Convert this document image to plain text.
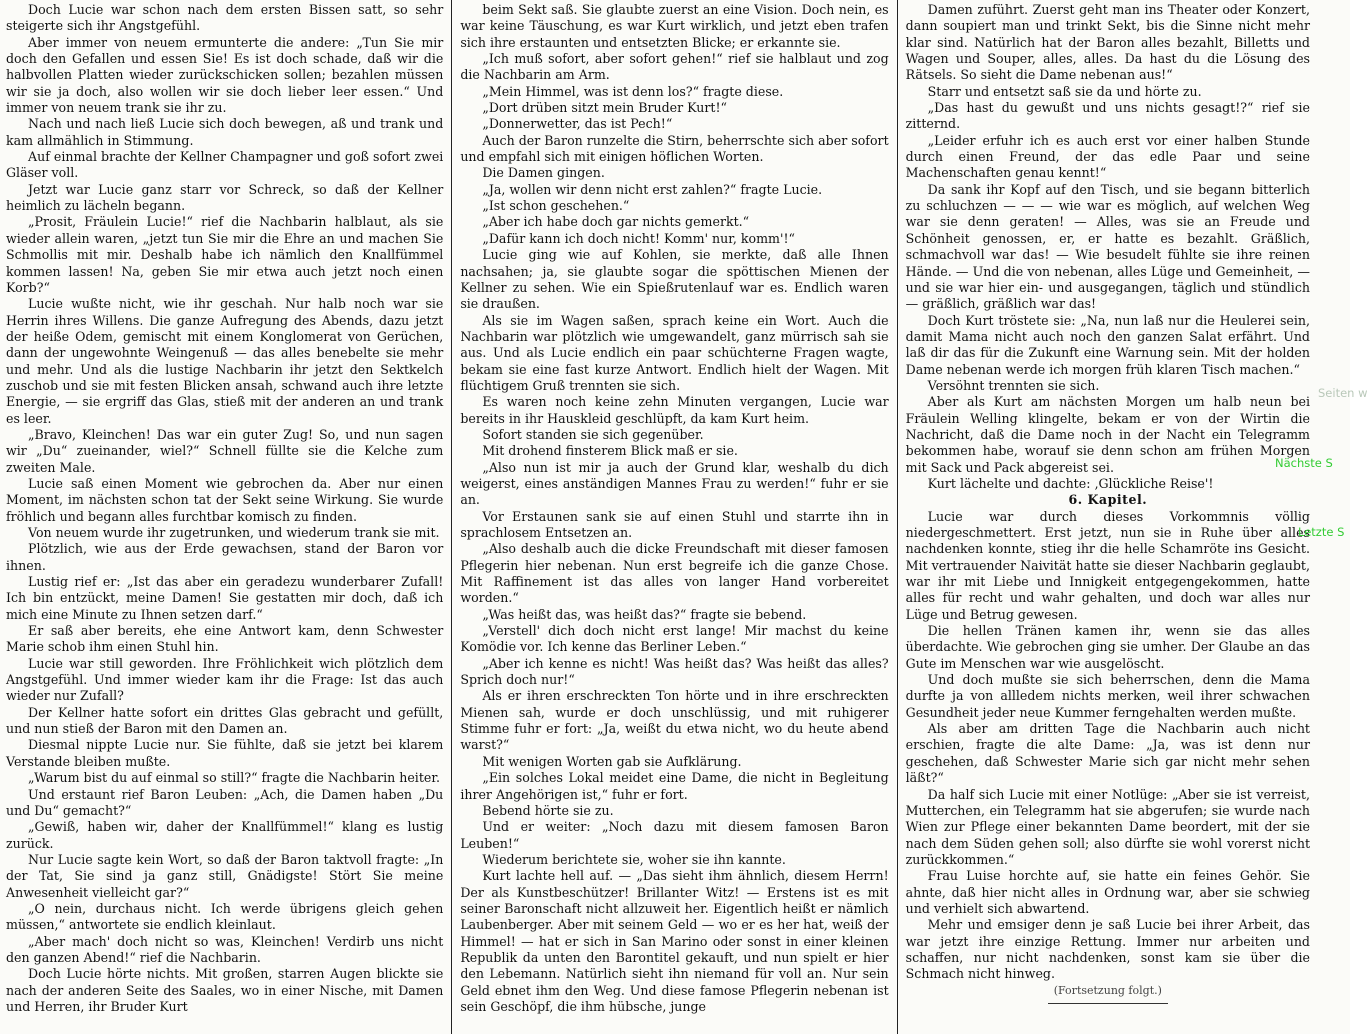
Doch Lucie war schon nach dem ersten Bissen satt, so sehr steigerte sich ihr Angstgefühl.

Aber immer von neuem ermunterte die andere: „Tun Sie mir doch den Gefallen und essen Sie! Es ist doch schade, daß wir die halbvollen Platten wieder zurückschicken sollen; bezahlen müssen wir sie ja doch, also wollen wir sie doch lieber leer essen.“ Und immer von neuem trank sie ihr zu.

Nach und nach ließ Lucie sich doch bewegen, aß und trank und kam allmählich in Stimmung.

Auf einmal brachte der Kellner Champagner und goß sofort zwei Gläser voll.

Jetzt war Lucie ganz starr vor Schreck, so daß der Kellner heimlich zu lächeln begann.

„Prosit, Fräulein Lucie!“ rief die Nachbarin halblaut, als sie wieder allein waren, „jetzt tun Sie mir die Ehre an und machen Sie Schmollis mit mir. Deshalb habe ich nämlich den Knallfümmel kommen lassen! Na, geben Sie mir etwa auch jetzt noch einen Korb?“

Lucie wußte nicht, wie ihr geschah. Nur halb noch war sie Herrin ihres Willens. Die ganze Aufregung des Abends, dazu jetzt der heiße Odem, gemischt mit einem Konglomerat von Gerüchen, dann der ungewohnte Weingenuß — das alles benebelte sie mehr und mehr. Und als die lustige Nachbarin ihr jetzt den Sektkelch zuschob und sie mit festen Blicken ansah, schwand auch ihre letzte Energie, — sie ergriff das Glas, stieß mit der anderen an und trank es leer.

„Bravo, Kleinchen! Das war ein guter Zug! So, und nun sagen wir „Du“ zueinander, wiel?“ Schnell füllte sie die Kelche zum zweiten Male.

Lucie saß einen Moment wie gebrochen da. Aber nur einen Moment, im nächsten schon tat der Sekt seine Wirkung. Sie wurde fröhlich und begann alles furchtbar komisch zu finden.

Von neuem wurde ihr zugetrunken, und wiederum trank sie mit.

Plötzlich, wie aus der Erde gewachsen, stand der Baron vor ihnen.

Lustig rief er: „Ist das aber ein geradezu wunderbarer Zufall! Ich bin entzückt, meine Damen! Sie gestatten mir doch, daß ich mich eine Minute zu Ihnen setzen darf.“

Er saß aber bereits, ehe eine Antwort kam, denn Schwester Marie schob ihm einen Stuhl hin.

Lucie war still geworden. Ihre Fröhlichkeit wich plötzlich dem Angstgefühl. Und immer wieder kam ihr die Frage: Ist das auch wieder nur Zufall?

Der Kellner hatte sofort ein drittes Glas gebracht und gefüllt, und nun stieß der Baron mit den Damen an.

Diesmal nippte Lucie nur. Sie fühlte, daß sie jetzt bei klarem Verstande bleiben mußte.

„Warum bist du auf einmal so still?“ fragte die Nachbarin heiter.

Und erstaunt rief Baron Leuben: „Ach, die Damen haben „Du und Du“ gemacht?“

„Gewiß, haben wir, daher der Knallfümmel!“ klang es lustig zurück.

Nur Lucie sagte kein Wort, so daß der Baron taktvoll fragte: „In der Tat, Sie sind ja ganz still, Gnädigste! Stört Sie meine Anwesenheit vielleicht gar?“

„O nein, durchaus nicht. Ich werde übrigens gleich gehen müssen,“ antwortete sie endlich kleinlaut.

„Aber mach' doch nicht so was, Kleinchen! Verdirb uns nicht den ganzen Abend!“ rief die Nachbarin.

Doch Lucie hörte nichts. Mit großen, starren Augen blickte sie nach der anderen Seite des Saales, wo in einer Nische, mit Damen und Herren, ihr Bruder Kurt

beim Sekt saß. Sie glaubte zuerst an eine Vision. Doch nein, es war keine Täuschung, es war Kurt wirklich, und jetzt eben trafen sich ihre erstaunten und entsetzten Blicke; er erkannte sie.

„Ich muß sofort, aber sofort gehen!“ rief sie halblaut und zog die Nachbarin am Arm.

„Mein Himmel, was ist denn los?“ fragte diese.

„Dort drüben sitzt mein Bruder Kurt!“

„Donnerwetter, das ist Pech!“

Auch der Baron runzelte die Stirn, beherrschte sich aber sofort und empfahl sich mit einigen höflichen Worten.

Die Damen gingen.

„Ja, wollen wir denn nicht erst zahlen?“ fragte Lucie.

„Ist schon geschehen.“

„Aber ich habe doch gar nichts gemerkt.“

„Dafür kann ich doch nicht! Komm' nur, komm'!“

Lucie ging wie auf Kohlen, sie merkte, daß alle Ihnen nachsahen; ja, sie glaubte sogar die spöttischen Mienen der Kellner zu sehen. Wie ein Spießrutenlauf war es. Endlich waren sie draußen.

Als sie im Wagen saßen, sprach keine ein Wort. Auch die Nachbarin war plötzlich wie umgewandelt, ganz mürrisch sah sie aus. Und als Lucie endlich ein paar schüchterne Fragen wagte, bekam sie eine fast kurze Antwort. Endlich hielt der Wagen. Mit flüchtigem Gruß trennten sie sich.

Es waren noch keine zehn Minuten vergangen, Lucie war bereits in ihr Hauskleid geschlüpft, da kam Kurt heim.

Sofort standen sie sich gegenüber.

Mit drohend finsterem Blick maß er sie.

„Also nun ist mir ja auch der Grund klar, weshalb du dich weigerst, eines anständigen Mannes Frau zu werden!“ fuhr er sie an.

Vor Erstaunen sank sie auf einen Stuhl und starrte ihn in sprachlosem Entsetzen an.

„Also deshalb auch die dicke Freundschaft mit dieser famosen Pflegerin hier nebenan. Nun erst begreife ich die ganze Chose. Mit Raffinement ist das alles von langer Hand vorbereitet worden.“

„Was heißt das, was heißt das?“ fragte sie bebend.

„Verstell' dich doch nicht erst lange! Mir machst du keine Komödie vor. Ich kenne das Berliner Leben.“

„Aber ich kenne es nicht! Was heißt das? Was heißt das alles? Sprich doch nur!“

Als er ihren erschreckten Ton hörte und in ihre erschreckten Mienen sah, wurde er doch unschlüssig, und mit ruhigerer Stimme fuhr er fort: „Ja, weißt du etwa nicht, wo du heute abend warst?“

Mit wenigen Worten gab sie Aufklärung.

„Ein solches Lokal meidet eine Dame, die nicht in Begleitung ihrer Angehörigen ist,“ fuhr er fort.

Bebend hörte sie zu.

Und er weiter: „Noch dazu mit diesem famosen Baron Leuben!“

Wiederum berichtete sie, woher sie ihn kannte.

Kurt lachte hell auf. — „Das sieht ihm ähnlich, diesem Herrn! Der als Kunstbeschützer! Brillanter Witz! — Erstens ist es mit seiner Baronschaft nicht allzuweit her. Eigentlich heißt er nämlich Laubenberger. Aber mit seinem Geld — wo er es her hat, weiß der Himmel! — hat er sich in San Marino oder sonst in einer kleinen Republik da unten den Barontitel gekauft, und nun spielt er hier den Lebemann. Natürlich sieht ihn niemand für voll an. Nur sein Geld ebnet ihm den Weg. Und diese famose Pflegerin nebenan ist sein Geschöpf, die ihm hübsche, junge

Damen zuführt. Zuerst geht man ins Theater oder Konzert, dann soupiert man und trinkt Sekt, bis die Sinne nicht mehr klar sind. Natürlich hat der Baron alles bezahlt, Billetts und Wagen und Souper, alles, alles. Da hast du die Lösung des Rätsels. So sieht die Dame nebenan aus!“

Starr und entsetzt saß sie da und hörte zu.

„Das hast du gewußt und uns nichts gesagt!?“ rief sie zitternd.

„Leider erfuhr ich es auch erst vor einer halben Stunde durch einen Freund, der das edle Paar und seine Machenschaften genau kennt!“

Da sank ihr Kopf auf den Tisch, und sie begann bitterlich zu schluchzen — — — wie war es möglich, auf welchen Weg war sie denn geraten! — Alles, was sie an Freude und Schönheit genossen, er, er hatte es bezahlt. Gräßlich, schmachvoll war das! — Wie besudelt fühlte sie ihre reinen Hände. — Und die von nebenan, alles Lüge und Gemeinheit, — und sie war hier ein- und ausgegangen, täglich und stündlich — gräßlich, gräßlich war das!

Doch Kurt tröstete sie: „Na, nun laß nur die Heulerei sein, damit Mama nicht auch noch den ganzen Salat erfährt. Und laß dir das für die Zukunft eine Warnung sein. Mit der holden Dame nebenan werde ich morgen früh klaren Tisch machen.“

Versöhnt trennten sie sich.

Aber als Kurt am nächsten Morgen um halb neun bei Fräulein Welling klingelte, bekam er von der Wirtin die Nachricht, daß die Dame noch in der Nacht ein Telegramm bekommen habe, worauf sie denn schon am frühen Morgen mit Sack und Pack abgereist sei.

Kurt lächelte und dachte: ‚Glückliche Reise'!

6. Kapitel.

Lucie war durch dieses Vorkommnis völlig niedergeschmettert. Erst jetzt, nun sie in Ruhe über alles nachdenken konnte, stieg ihr die helle Schamröte ins Gesicht. Mit vertrauender Naivität hatte sie dieser Nachbarin geglaubt, war ihr mit Liebe und Innigkeit entgegengekommen, hatte alles für recht und wahr gehalten, und doch war alles nur Lüge und Betrug gewesen.

Die hellen Tränen kamen ihr, wenn sie das alles überdachte. Wie gebrochen ging sie umher. Der Glaube an das Gute im Menschen war wie ausgelöscht.

Und doch mußte sie sich beherrschen, denn die Mama durfte ja von allledem nichts merken, weil ihrer schwachen Gesundheit jeder neue Kummer ferngehalten werden mußte.

Als aber am dritten Tage die Nachbarin auch nicht erschien, fragte die alte Dame: „Ja, was ist denn nur geschehen, daß Schwester Marie sich gar nicht mehr sehen läßt?“

Da half sich Lucie mit einer Notlüge: „Aber sie ist verreist, Mutterchen, ein Telegramm hat sie abgerufen; sie wurde nach Wien zur Pflege einer bekannten Dame beordert, mit der sie nach dem Süden gehen soll; also dürfte sie wohl vorerst nicht zurückkommen.“

Frau Luise horchte auf, sie hatte ein feines Gehör. Sie ahnte, daß hier nicht alles in Ordnung war, aber sie schwieg und verhielt sich abwartend.

Mehr und emsiger denn je saß Lucie bei ihrer Arbeit, das war jetzt ihre einzige Rettung. Immer nur arbeiten und schaffen, nur nicht nachdenken, sonst kam sie über die Schmach nicht hinweg.

(Fortsetzung folgt.)

Seiten w
Nächste S
Letzte S
